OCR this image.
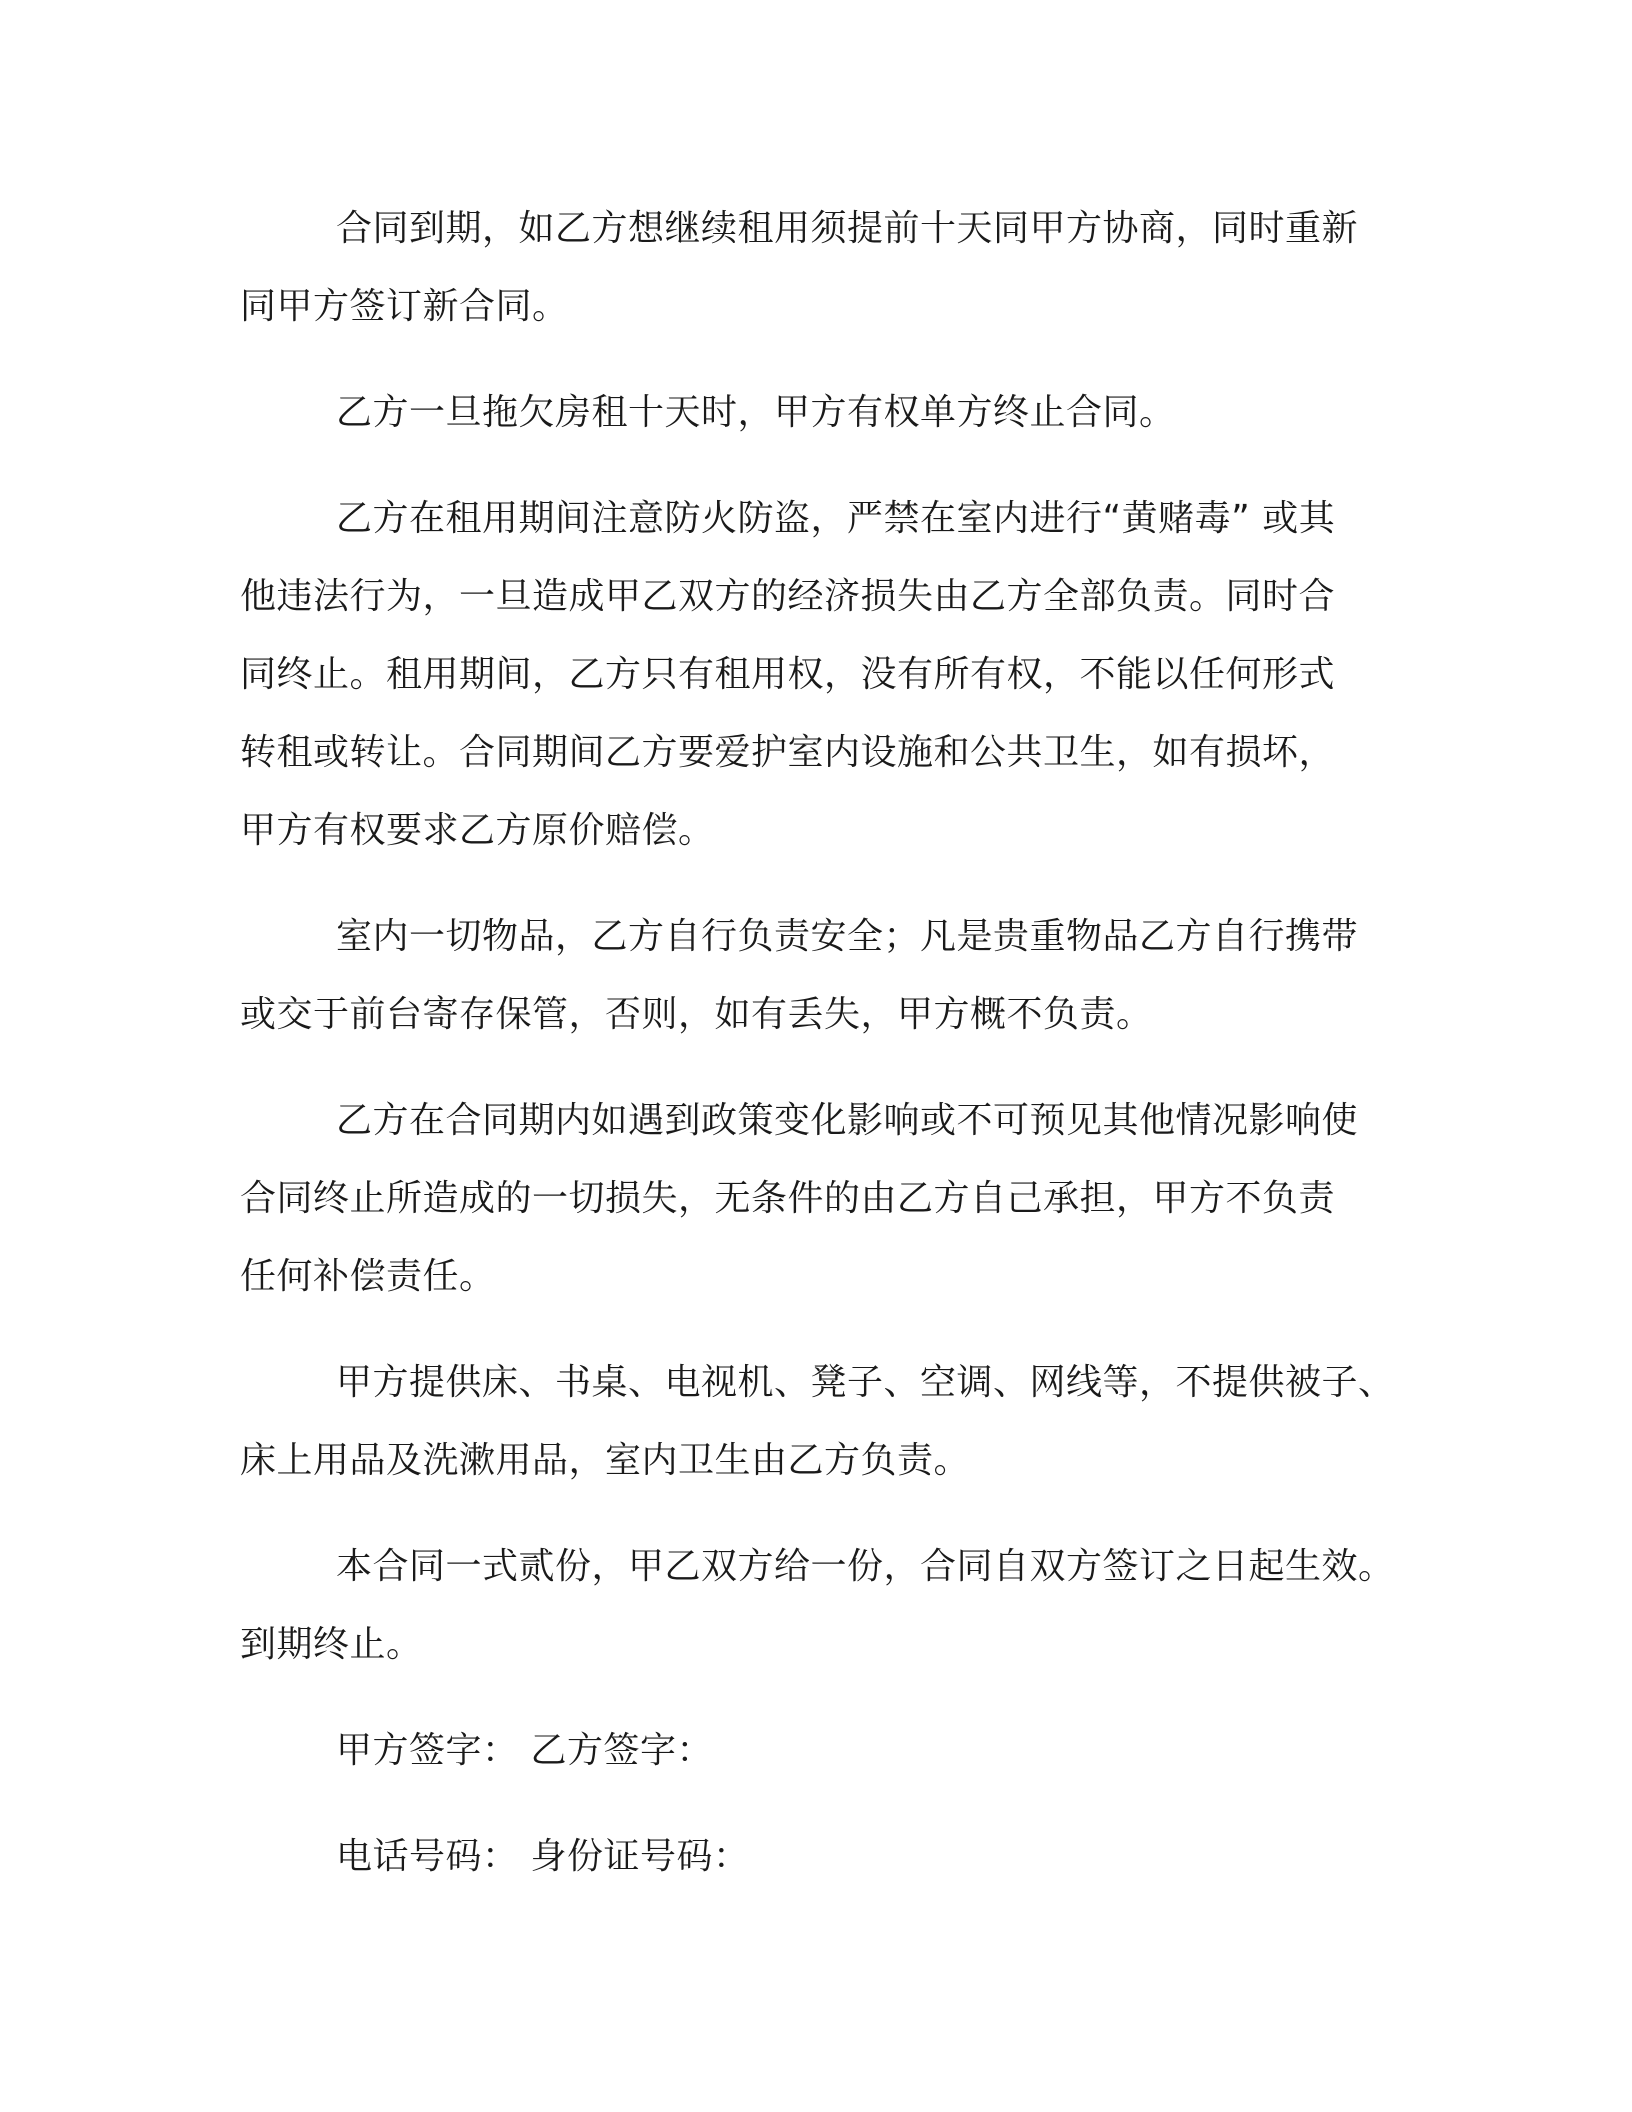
合同到期，如乙方想继续租用须提前十天同甲方协商，同时重新
同甲方签订新合同。

乙方一旦拖欠房租十天时，甲方有权单方终止合同。

乙方在租用期间注意防火防盗，严禁在室内进行“黄赌毒” 或其
他违法行为，一旦造成甲乙双方的经济损失由乙方全部负责。同时合
同终止。租用期间，乙方只有租用权，没有所有权，不能以任何形式
转租或转让。合同期间乙方要爱护室内设施和公共卫生，如有损坏，
甲方有权要求乙方原价赔偿。

室内一切物品，乙方自行负责安全；凡是贵重物品乙方自行携带
或交于前台寄存保管，否则，如有丢失，甲方概不负责。

乙方在合同期内如遇到政策变化影响或不可预见其他情况影响使
合同终止所造成的一切损失，无条件的由乙方自己承担，甲方不负责
任何补偿责任。

甲方提供床、书桌、电视机、凳子、空调、网线等，不提供被子、
床上用品及洗漱用品，室内卫生由乙方负责。

本合同一式贰份，甲乙双方给一份，合同自双方签订之日起生效。
到期终止。

甲方签字： 乙方签字：

电话号码： 身份证号码：
